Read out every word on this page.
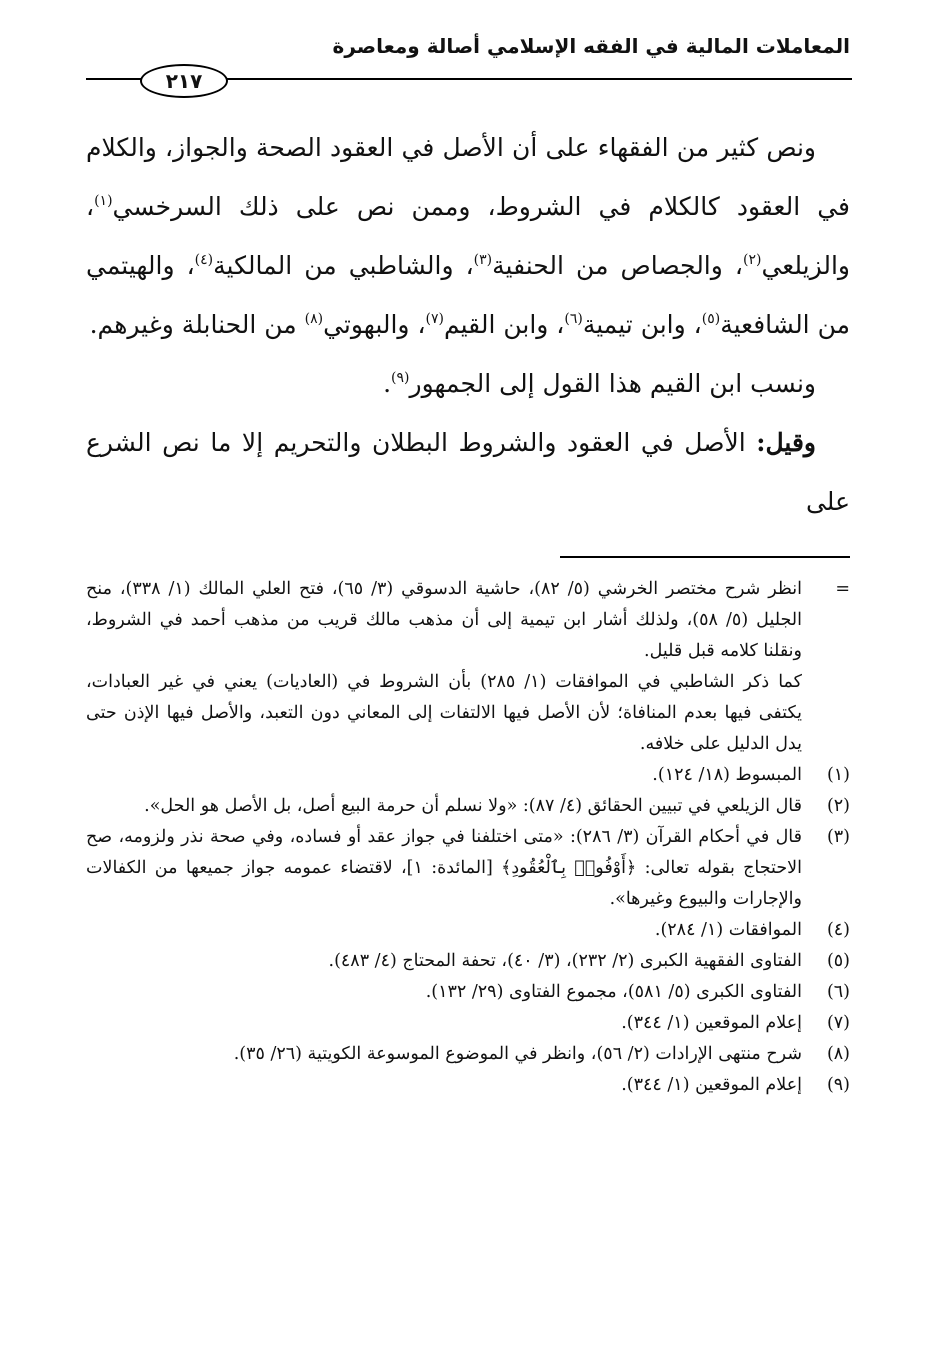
المعاملات المالية في الفقه الإسلامي أصالة ومعاصرة
٢١٧

ونص كثير من الفقهاء على أن الأصل في العقود الصحة والجواز، والكلام في العقود كالكلام في الشروط، وممن نص على ذلك السرخسي$^{(١)}$، والزيلعي$^{(٢)}$، والجصاص من الحنفية$^{(٣)}$، والشاطبي من المالكية$^{(٤)}$، والهيتمي من الشافعية$^{(٥)}$، وابن تيمية$^{(٦)}$، وابن القيم$^{(٧)}$، والبهوتي$^{(٨)}$ من الحنابلة وغيرهم.

ونسب ابن القيم هذا القول إلى الجمهور$^{(٩)}$.

وقيل: الأصل في العقود والشروط البطلان والتحريم إلا ما نص الشرع على

=
انظر شرح مختصر الخرشي (٥/ ٨٢)، حاشية الدسوقي (٣/ ٦٥)، فتح العلي المالك (١/ ٣٣٨)، منح الجليل (٥/ ٥٨)، ولذلك أشار ابن تيمية إلى أن مذهب مالك قريب من مذهب أحمد في الشروط، ونقلنا كلامه قبل قليل.

كما ذكر الشاطبي في الموافقات (١/ ٢٨٥) بأن الشروط في (العاديات) يعني في غير العبادات، يكتفى فيها بعدم المنافاة؛ لأن الأصل فيها الالتفات إلى المعاني دون التعبد، والأصل فيها الإذن حتى يدل الدليل على خلافه.

(١)
المبسوط (١٨/ ١٢٤).
(٢)
قال الزيلعي في تبيين الحقائق (٤/ ٨٧): «ولا نسلم أن حرمة البيع أصل، بل الأصل هو الحل».
(٣)
قال في أحكام القرآن (٣/ ٢٨٦): «متى اختلفنا في جواز عقد أو فساده، وفي صحة نذر ولزومه، صح الاحتجاج بقوله تعالى: ﴿أَوْفُوا۟ بِٱلْعُقُودِ﴾ [المائدة: ١]، لاقتضاء عمومه جواز جميعها من الكفالات والإجارات والبيوع وغيرها».
(٤)
الموافقات (١/ ٢٨٤).
(٥)
الفتاوى الفقهية الكبرى (٢/ ٢٣٢)، (٣/ ٤٠)، تحفة المحتاج (٤/ ٤٨٣).
(٦)
الفتاوى الكبرى (٥/ ٥٨١)، مجموع الفتاوى (٢٩/ ١٣٢).
(٧)
إعلام الموقعين (١/ ٣٤٤).
(٨)
شرح منتهى الإرادات (٢/ ٥٦)، وانظر في الموضوع الموسوعة الكويتية (٢٦/ ٣٥).
(٩)
إعلام الموقعين (١/ ٣٤٤).
